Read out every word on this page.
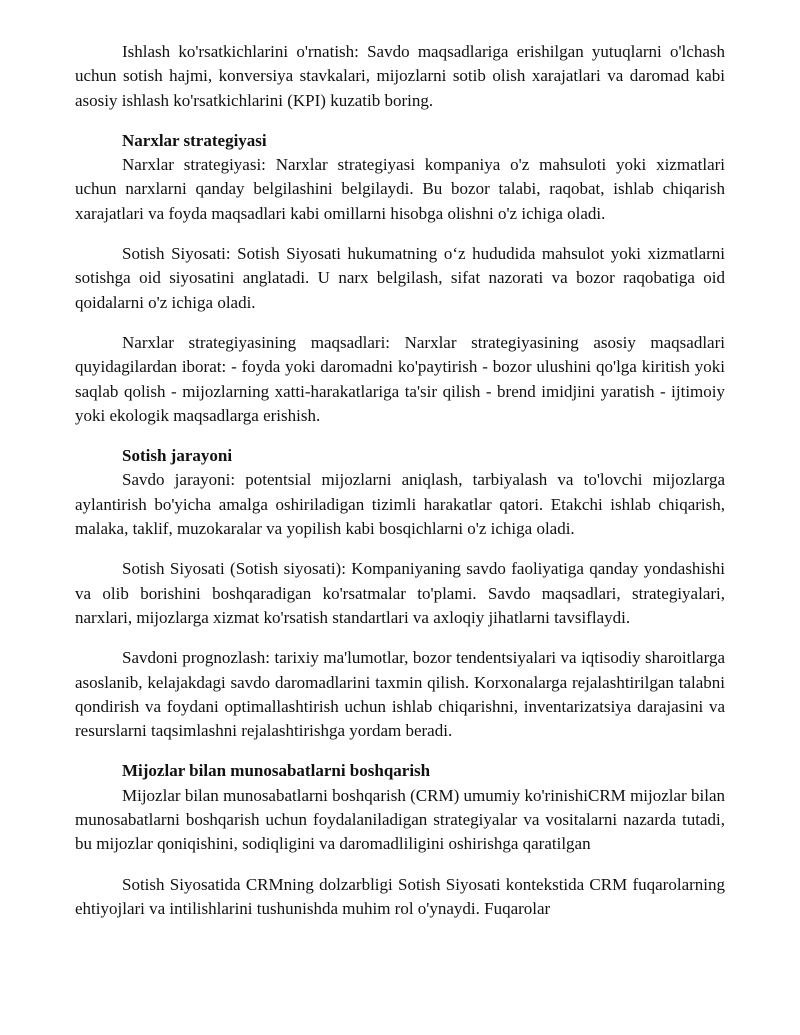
Ishlash ko'rsatkichlarini o'rnatish: Savdo maqsadlariga erishilgan yutuqlarni o'lchash uchun sotish hajmi, konversiya stavkalari, mijozlarni sotib olish xarajatlari va daromad kabi asosiy ishlash ko'rsatkichlarini (KPI) kuzatib boring.

Narxlar strategiyasi

Narxlar strategiyasi: Narxlar strategiyasi kompaniya o'z mahsuloti yoki xizmatlari uchun narxlarni qanday belgilashini belgilaydi. Bu bozor talabi, raqobat, ishlab chiqarish xarajatlari va foyda maqsadlari kabi omillarni hisobga olishni o'z ichiga oladi.

Sotish Siyosati: Sotish Siyosati hukumatning o‘z hududida mahsulot yoki xizmatlarni sotishga oid siyosatini anglatadi. U narx belgilash, sifat nazorati va bozor raqobatiga oid qoidalarni o'z ichiga oladi.

Narxlar strategiyasining maqsadlari: Narxlar strategiyasining asosiy maqsadlari quyidagilardan iborat: - foyda yoki daromadni ko'paytirish - bozor ulushini qo'lga kiritish yoki saqlab qolish - mijozlarning xatti-harakatlariga ta'sir qilish - brend imidjini yaratish - ijtimoiy yoki ekologik maqsadlarga erishish.

Sotish jarayoni

Savdo jarayoni: potentsial mijozlarni aniqlash, tarbiyalash va to'lovchi mijozlarga aylantirish bo'yicha amalga oshiriladigan tizimli harakatlar qatori. Etakchi ishlab chiqarish, malaka, taklif, muzokaralar va yopilish kabi bosqichlarni o'z ichiga oladi.

Sotish Siyosati (Sotish siyosati): Kompaniyaning savdo faoliyatiga qanday yondashishi va olib borishini boshqaradigan ko'rsatmalar to'plami. Savdo maqsadlari, strategiyalari, narxlari, mijozlarga xizmat ko'rsatish standartlari va axloqiy jihatlarni tavsiflaydi.

Savdoni prognozlash: tarixiy ma'lumotlar, bozor tendentsiyalari va iqtisodiy sharoitlarga asoslanib, kelajakdagi savdo daromadlarini taxmin qilish. Korxonalarga rejalashtirilgan talabni qondirish va foydani optimallashtirish uchun ishlab chiqarishni, inventarizatsiya darajasini va resurslarni taqsimlashni rejalashtirishga yordam beradi.

Mijozlar bilan munosabatlarni boshqarish

Mijozlar bilan munosabatlarni boshqarish (CRM) umumiy ko'rinishiCRM mijozlar bilan munosabatlarni boshqarish uchun foydalaniladigan strategiyalar va vositalarni nazarda tutadi, bu mijozlar qoniqishini, sodiqligini va daromadliligini oshirishga qaratilgan

Sotish Siyosatida CRMning dolzarbligi Sotish Siyosati kontekstida CRM fuqarolarning ehtiyojlari va intilishlarini tushunishda muhim rol o'ynaydi. Fuqarolar
